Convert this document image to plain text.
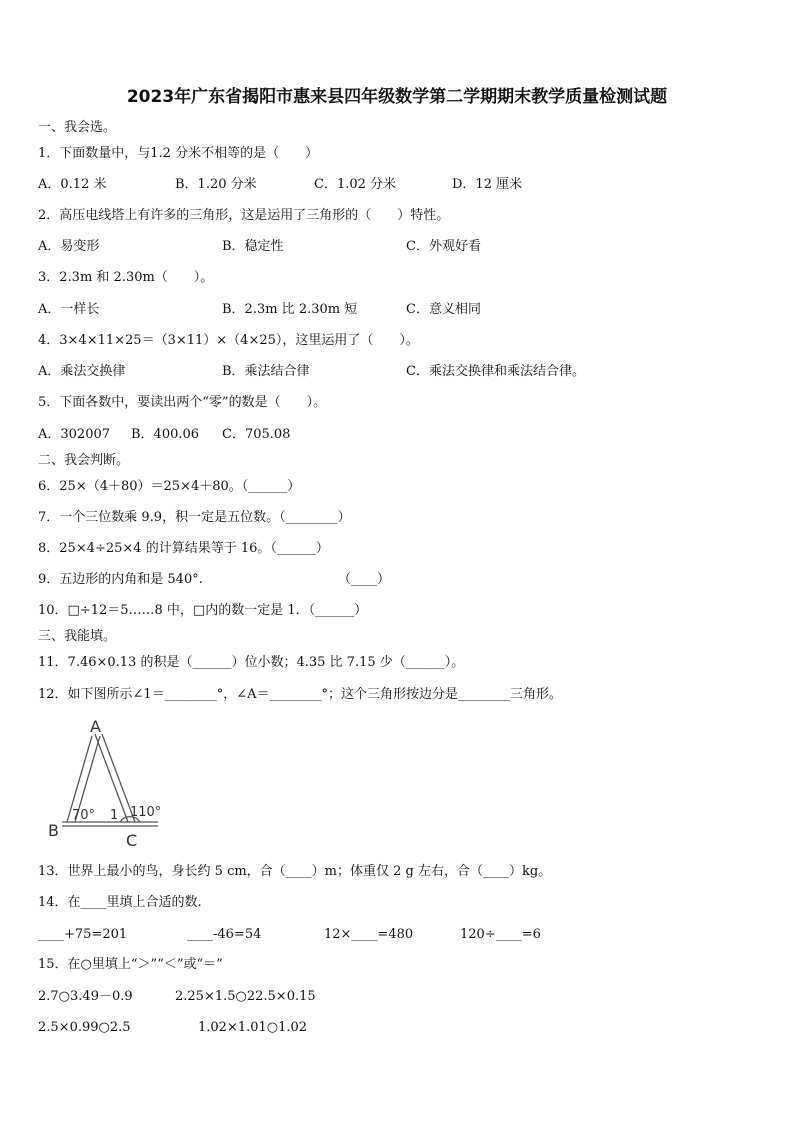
2023年广东省揭阳市惠来县四年级数学第二学期期末教学质量检测试题
一、我会选。
1．下面数量中，与1.2 分米不相等的是（　　）
A．0.12 米	B．1.20 分米	C．1.02 分米	D．12 厘米
2．高压电线塔上有许多的三角形，这是运用了三角形的（　　）特性。
A．易变形	B．稳定性	C．外观好看
3．2.3m 和 2.30m（　　）。
A．一样长	B．2.3m 比 2.30m 短	C．意义相同
4．3×4×11×25＝（3×11）×（4×25），这里运用了（　　）。
A．乘法交换律	B．乘法结合律	C．乘法交换律和乘法结合律。
5．下面各数中，要读出两个“零”的数是（　　）。
A．302007 B．400.06 C．705.08
二、我会判断。
6．25×（4＋80）＝25×4＋80。（______）
7．一个三位数乘 9.9，积一定是五位数。（________）
8．25×4÷25×4 的计算结果等于 16。（______）
9．五边形的内角和是 540°.	（____）
10．□÷12＝5……8 中，□内的数一定是 1．（______）
三、我能填。
11．7.46×0.13 的积是（______）位小数；4.35 比 7.15 少（______）。
12．如下图所示∠1＝________°，∠A＝________°；这个三角形按边分是________三角形。
A
B
C
70° 1 110°
13．世界上最小的鸟，身长约 5 cm，合（____）m；体重仅 2 g 左右，合（____）kg。
14．在____里填上合适的数.
____+75=201	____-46=54	12×____=480	120÷____=6
15．在○里填上“＞”“＜”或“＝”
2.7○3.49－0.9	2.25×1.5○22.5×0.15
2.5×0.99○2.5	1.02×1.01○1.02
